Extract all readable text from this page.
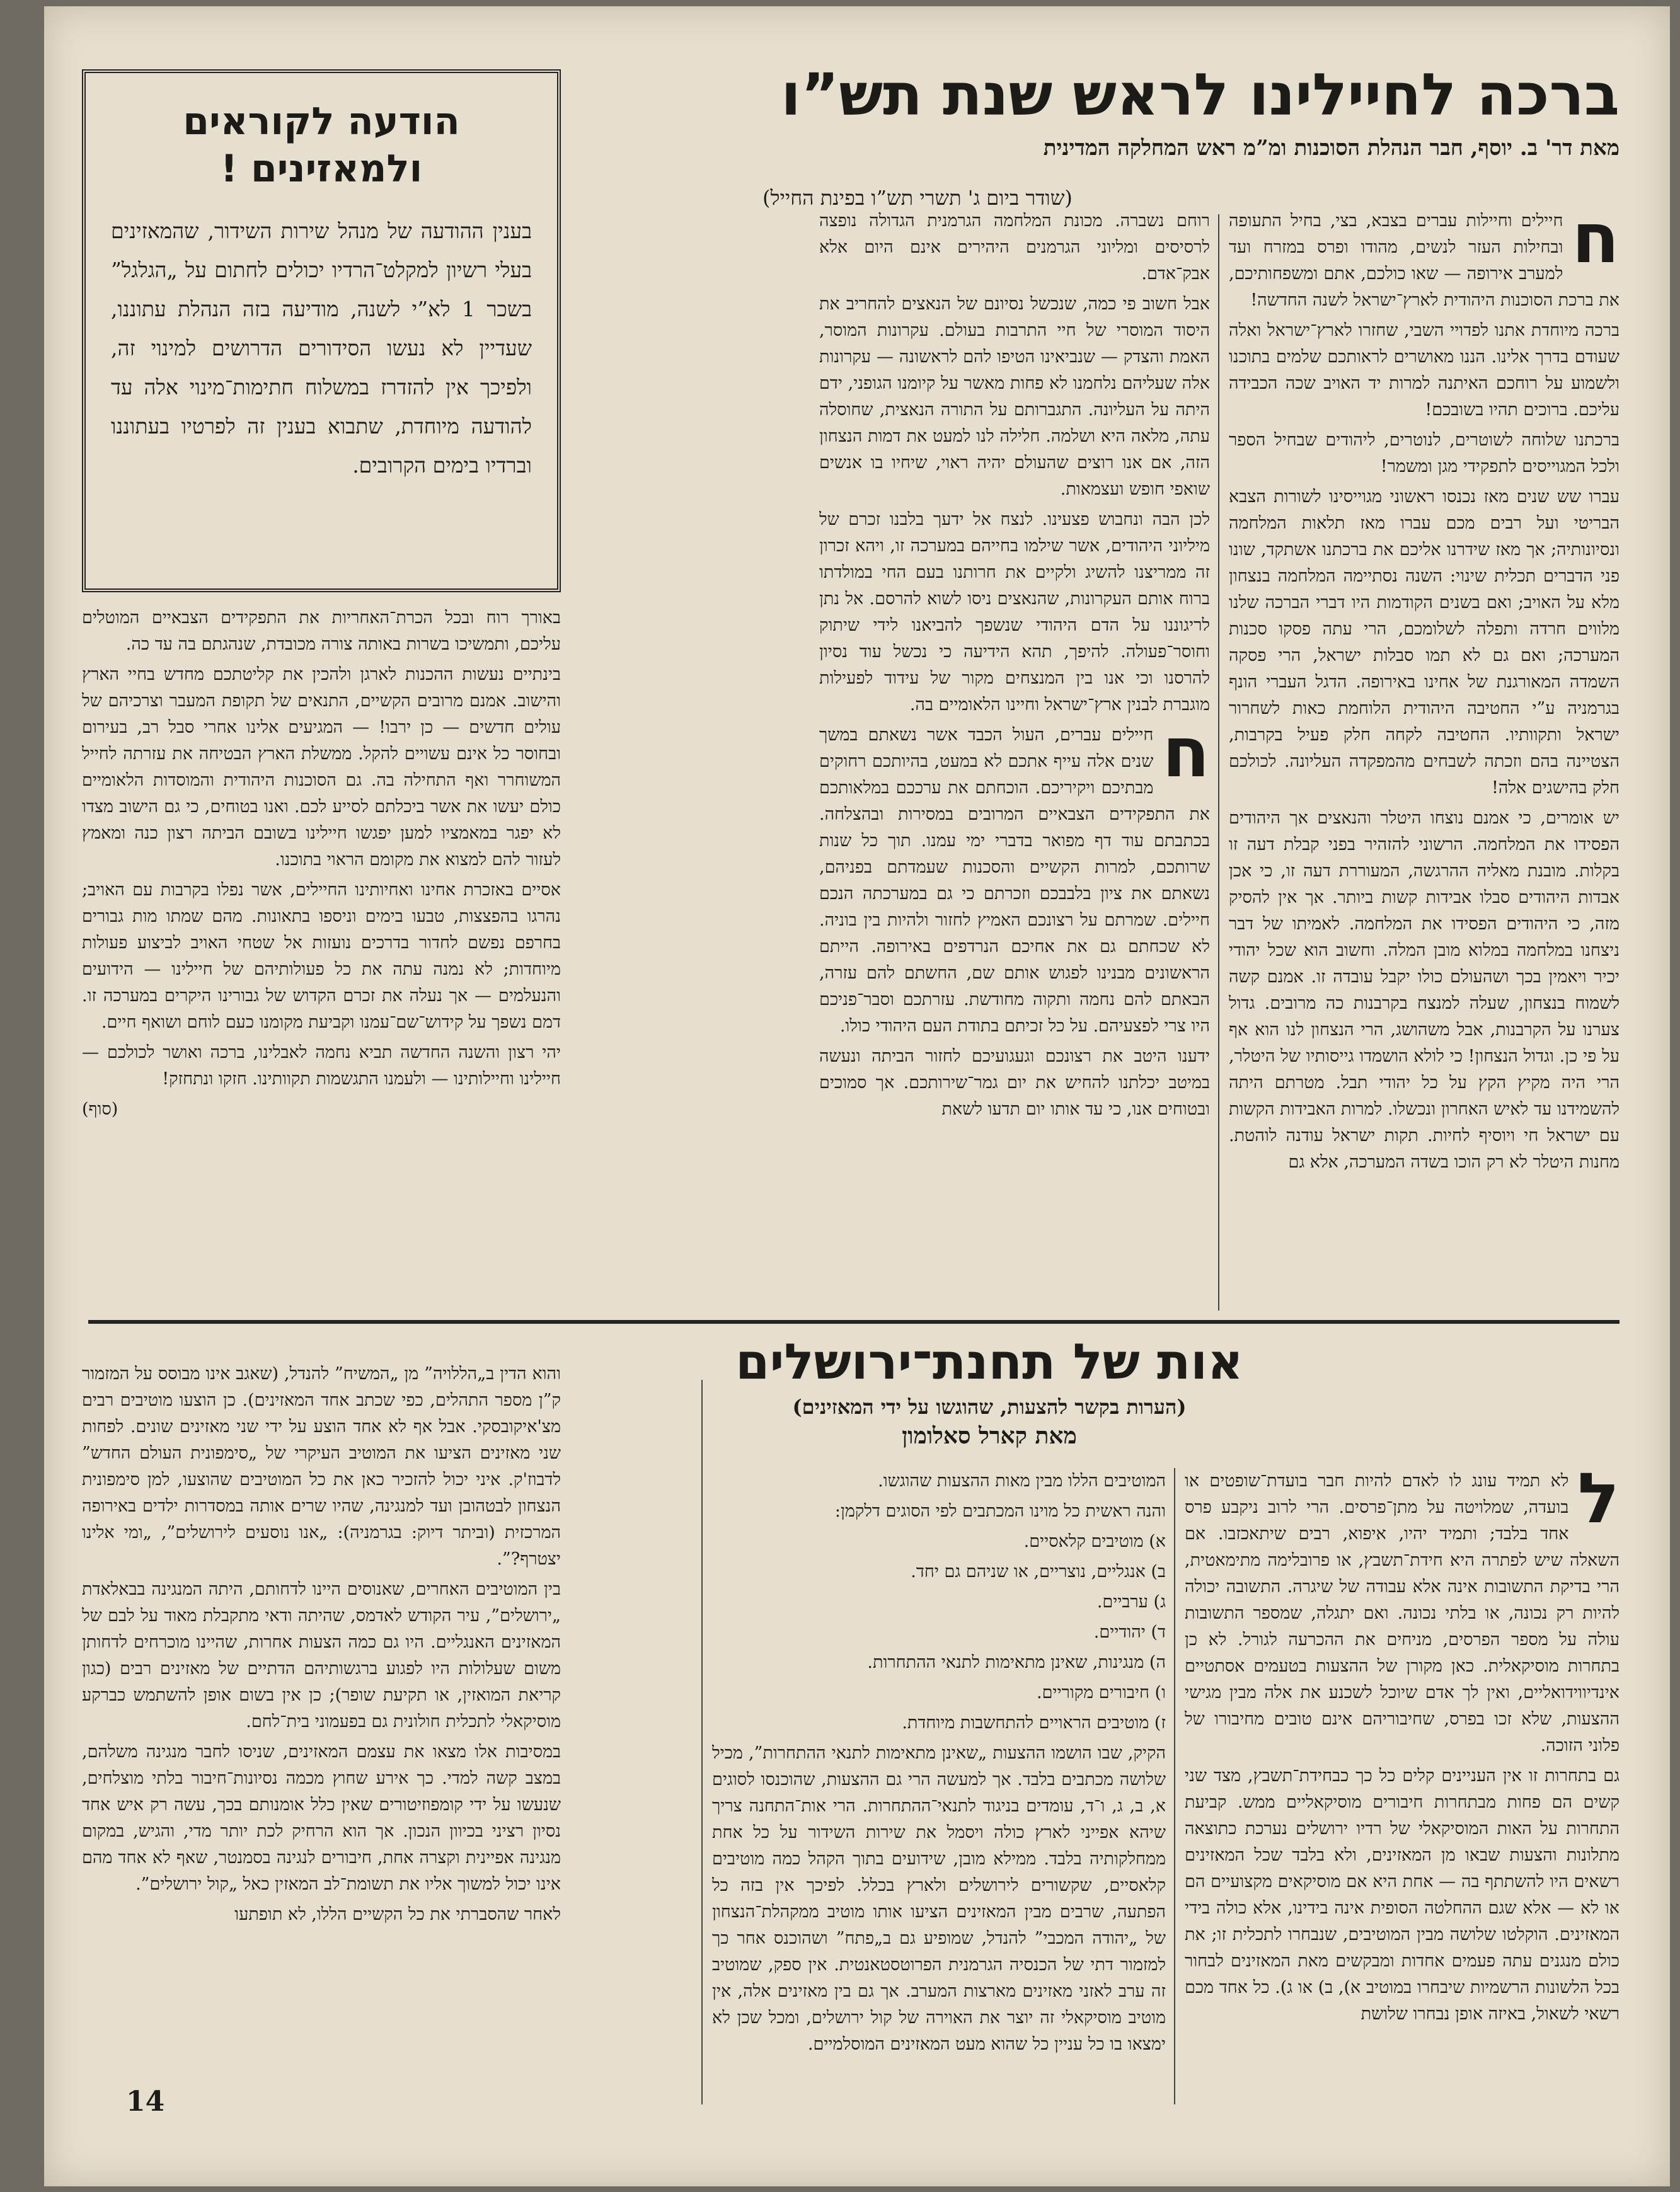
הודעה לקוראים ולמאזינים !

בענין ההודעה של מנהל שירות השידור, שהמאזינים בעלי רשיון למקלט־הרדיו יכולים לחתום על „הגלגל” בשכר 1 לא”י לשנה, מודיעה בזה הנהלת עתוננו, שעדיין לא נעשו הסידורים הדרושים למינוי זה, ולפיכך אין להזדרז במשלוח חתימות־מינוי אלה עד להודעה מיוחדת, שתבוא בענין זה לפרטיו בעתוננו וברדיו בימים הקרובים.

ברכה לחיילינו לראש שנת תש”ו
מאת דר' ב. יוסף, חבר הנהלת הסוכנות ומ”מ ראש המחלקה המדינית
(שודר ביום ג' תשרי תש”ו בפינת החייל)	ח

חיילים וחיילות עברים בצבא, בצי, בחיל התעופה ובחילות העזר לנשים, מהודו ופרס במזרח ועד למערב אירופה — שאו כולכם, אתם ומשפחותיכם, את ברכת הסוכנות היהודית לארץ־ישראל לשנה החדשה!

ברכה מיוחדת אתנו לפדויי השבי, שחזרו לארץ־ישראל ואלה שעודם בדרך אלינו. הננו מאושרים לראותכם שלמים בתוכנו ולשמוע על רוחכם האיתנה למרות יד האויב שכה הכבידה עליכם. ברוכים תהיו בשובכם!

ברכתנו שלוחה לשוטרים, לנוטרים, ליהודים שבחיל הספר ולכל המגוייסים לתפקידי מגן ומשמר!

עברו שש שנים מאז נכנסו ראשוני מגוייסינו לשורות הצבא הבריטי ועל רבים מכם עברו מאז תלאות המלחמה ונסיונותיה; אך מאז שידרנו אליכם את ברכתנו אשתקד, שונו פני הדברים תכלית שינוי: השנה נסתיימה המלחמה בנצחון מלא על האויב; ואם בשנים הקודמות היו דברי הברכה שלנו מלווים חרדה ותפלה לשלומכם, הרי עתה פסקו סכנות המערכה; ואם גם לא תמו סבלות ישראל, הרי פסקה השמדה המאורגנת של אחינו באירופה. הדגל העברי הונף בגרמניה ע”י החטיבה היהודית הלוחמת כאות לשחרור ישראל ותקוותיו. החטיבה לקחה חלק פעיל בקרבות, הצטיינה בהם וזכתה לשבחים מהמפקדה העליונה. לכולכם חלק בהישגים אלה!

יש אומרים, כי אמנם נוצחו היטלר והנאצים אך היהודים הפסידו את המלחמה. הרשוני להזהיר בפני קבלת דעה זו בקלות. מובנת מאליה ההרגשה, המעוררת דעה זו, כי אכן אבדות היהודים סבלו אבידות קשות ביותר. אך אין להסיק מזה, כי היהודים הפסידו את המלחמה. לאמיתו של דבר ניצחנו במלחמה במלוא מובן המלה. וחשוב הוא שכל יהודי יכיר ויאמין בכך ושהעולם כולו יקבל עובדה זו. אמנם קשה לשמוח בנצחון, שעלה למנצח בקרבנות כה מרובים. גדול צערנו על הקרבנות, אבל משהושג, הרי הנצחון לנו הוא אף על פי כן. וגדול הנצחון! כי לולא הושמדו גייסותיו של היטלר, הרי היה מקיץ הקץ על כל יהודי תבל. מטרתם היתה להשמידנו עד לאיש האחרון ונכשלו. למרות האבידות הקשות עם ישראל חי ויוסיף לחיות. תקות ישראל עודנה לוהטת. מחנות היטלר לא רק הוכו בשדה המערכה, אלא גם

רוחם נשברה. מכונת המלחמה הגרמנית הגדולה נופצה לרסיסים ומליוני הגרמנים היהירים אינם היום אלא אבק־אדם.

אבל חשוב פי כמה, שנכשל נסיונם של הנאצים להחריב את היסוד המוסרי של חיי התרבות בעולם. עקרונות המוסר, האמת והצדק — שנביאינו הטיפו להם לראשונה — עקרונות אלה שעליהם נלחמנו לא פחות מאשר על קיומנו הגופני, ידם היתה על העליונה. התגברותם על התורה הנאצית, שחוסלה עתה, מלאה היא ושלמה. חלילה לנו למעט את דמות הנצחון הזה, אם אנו רוצים שהעולם יהיה ראוי, שיחיו בו אנשים שואפי חופש ועצמאות.

לכן הבה ונחבוש פצעינו. לנצח אל ידעך בלבנו זכרם של מיליוני היהודים, אשר שילמו בחייהם במערכה זו, ויהא זכרון זה ממריצנו להשיג ולקיים את חרותנו בעם החי במולדתו ברוח אותם העקרונות, שהנאצים ניסו לשוא להרסם. אל נתן לריגוננו על הדם היהודי שנשפך להביאנו לידי שיתוק וחוסר־פעולה. להיפך, תהא הידיעה כי נכשל עוד נסיון להרסנו וכי אנו בין המנצחים מקור של עידוד לפעילות מוגברת לבנין ארץ־ישראל וחיינו הלאומיים בה.

ח
חיילים עברים, העול הכבד אשר נשאתם במשך שנים אלה עייף אתכם לא במעט, בהיותכם רחוקים מבתיכם ויקיריכם. הוכחתם את ערככם במלאותכם את התפקידים הצבאיים המרובים במסירות ובהצלחה. בכתבתם עוד דף מפואר בדברי ימי עמנו. תוך כל שנות שרותכם, למרות הקשיים והסכנות שעמדתם בפניהם, נשאתם את ציון בלבבכם וזכרתם כי גם במערכתה הנכם חיילים. שמרתם על רצונכם האמיץ לחזור ולהיות בין בוניה. לא שכחתם גם את אחיכם הנרדפים באירופה. הייתם הראשונים מבנינו לפגוש אותם שם, החשתם להם עזרה, הבאתם להם נחמה ותקוה מחודשת. עזרתכם וסבר־פניכם היו צרי לפצעיהם. על כל זכיתם בתודת העם היהודי כולו.

ידענו היטב את רצונכם וגעגועיכם לחזור הביתה ונעשה במיטב יכלתנו להחיש את יום גמר־שירותכם. אך סמוכים ובטוחים אנו, כי עד אותו יום תדעו לשאת

באורך רוח ובכל הכרת־האחריות את התפקידים הצבאיים המוטלים עליכם, ותמשיכו בשרות באותה צורה מכובדת, שנהגתם בה עד כה.

בינתיים נעשות ההכנות לארגן ולהכין את קליטתכם מחדש בחיי הארץ והישוב. אמנם מרובים הקשיים, התנאים של תקופת המעבר וצרכיהם של עולים חדשים — כן ירבו! — המגיעים אלינו אחרי סבל רב, בעירום ובחוסר כל אינם עשויים להקל. ממשלת הארץ הבטיחה את עזרתה לחייל המשוחרר ואף התחילה בה. גם הסוכנות היהודית והמוסדות הלאומיים כולם יעשו את אשר ביכלתם לסייע לכם. ואנו בטוחים, כי גם הישוב מצדו לא יפגר במאמציו למען יפגשו חיילינו בשובם הביתה רצון כנה ומאמץ לעזור להם למצוא את מקומם הראוי בתוכנו.

אסיים באזכרת אחינו ואחיותינו החיילים, אשר נפלו בקרבות עם האויב; נהרגו בהפצצות, טבעו בימים וניספו בתאונות. מהם שמתו מות גבורים בחרפם נפשם לחדור בדרכים נועזות אל שטחי האויב לביצוע פעולות מיוחדות; לא נמנה עתה את כל פעולותיהם של חיילינו — הידועים והנעלמים — אך נעלה את זכרם הקדוש של גבורינו היקרים במערכה זו. דמם נשפך על קידוש־שם־עמנו וקביעת מקומנו כעם לוחם ושואף חיים.

יהי רצון והשנה החדשה תביא נחמה לאבלינו, ברכה ואושר לכולכם — חיילינו וחיילותינו — ולעמנו התגשמות תקוותינו. חזקו ונתחזק!

(סוף)

אות של תחנת־ירושלים
(הערות בקשר להצעות, שהוגשו על ידי המאזינים)
מאת קארל סאלומון
ל

לא תמיד עונג לו לאדם להיות חבר בועדת־שופטים או בועדה, שמלויטה על מתן־פרסים. הרי לרוב ניקבע פרס אחד בלבד; ותמיד יהיו, איפוא, רבים שיתאכזבו. אם השאלה שיש לפתרה היא חידת־תשבץ, או פרובלימה מתימאטית, הרי בדיקת התשובות אינה אלא עבודה של שיגרה. התשובה יכולה להיות רק נכונה, או בלתי נכונה. ואם יתגלה, שמספר התשובות עולה על מספר הפרסים, מניחים את ההכרעה לגורל. לא כן בתחרות מוסיקאלית. כאן מקורן של ההצעות בטעמים אסתטיים אינדיווידואליים, ואין לך אדם שיוכל לשכנע את אלה מבין מגישי ההצעות, שלא זכו בפרס, שחיבוריהם אינם טובים מחיבורו של פלוני הזוכה.

גם בתחרות זו אין העניינים קלים כל כך כבחידת־תשבץ, מצד שני קשים הם פחות מבתחרות חיבורים מוסיקאליים ממש. קביעת התחרות על האות המוסיקאלי של רדיו ירושלים נערכת כתוצאה מתלונות והצעות שבאו מן המאזינים, ולא בלבד שכל המאזינים רשאים היו להשתתף בה — אחת היא אם מוסיקאים מקצועיים הם או לא — אלא שגם ההחלטה הסופית אינה בידינו, אלא כולה בידי המאזינים. הוקלטו שלושה מבין המוטיבים, שנבחרו לתכלית זו; את כולם מנגנים עתה פעמים אחדות ומבקשים מאת המאזינים לבחור בכל הלשונות הרשמיות שיבחרו במוטיב א), ב) או ג). כל אחד מכם רשאי לשאול, באיזה אופן נבחרו שלושת

המוטיבים הללו מבין מאות ההצעות שהוגשו.

והנה ראשית כל מוינו המכתבים לפי הסוגים דלקמן:

א) מוטיבים קלאסיים.

ב) אנגליים, נוצריים, או שניהם גם יחד.

ג) ערביים.

ד) יהודיים.

ה) מנגינות, שאינן מתאימות לתנאי ההתחרות.

ו) חיבורים מקוריים.

ז) מוטיבים הראויים להתחשבות מיוחדת.

הקיק, שבו הושמו ההצעות „שאינן מתאימות לתנאי ההתחרות”, מכיל שלושה מכתבים בלבד. אך למעשה הרי גם ההצעות, שהוכנסו לסוגים א, ב, ג, ו־ד, עומדים בניגוד לתנאי־ההתחרות. הרי אות־התחנה צריך שיהא אפייני לארץ כולה ויסמל את שירות השידור על כל אחת ממחלקותיה בלבד. ממילא מובן, שידועים בתוך הקהל כמה מוטיבים קלאסיים, שקשורים לירושלים ולארץ בכלל. לפיכך אין בזה כל הפתעה, שרבים מבין המאזינים הציעו אותו מוטיב ממקהלת־הנצחון של „יהודה המכבי” להנדל, שמופיע גם ב„פתח” ושהוכנס אחר כך למזמור דתי של הכנסיה הגרמנית הפרוטסטאנטית. אין ספק, שמוטיב זה ערב לאזני מאזינים מארצות המערב. אך גם בין מאזינים אלה, אין מוטיב מוסיקאלי זה יוצר את האוירה של קול ירושלים, ומכל שכן לא ימצאו בו כל עניין כל שהוא מעט המאזינים המוסלמיים.

והוא הדין ב„הללויה” מן „המשיח” להנדל, (שאגב אינו מבוסס על המזמור ק”ן מספר התהלים, כפי שכתב אחד המאזינים). כן הוצעו מוטיבים רבים מצ'איקובסקי. אבל אף לא אחד הוצע על ידי שני מאזינים שונים. לפחות שני מאזינים הציעו את המוטיב העיקרי של „סימפונית העולם החדש” לדבוז'ק. איני יכול להזכיר כאן את כל המוטיבים שהוצעו, למן סימפונית הנצחון לבטהובן ועד למנגינה, שהיו שרים אותה במסדרות ילדים באירופה המרכזית (וביתר דיוק: בגרמניה): „אנו נוסעים לירושלים”, „ומי אלינו יצטרף?”.

בין המוטיבים האחרים, שאנוסים היינו לדחותם, היתה המנגינה בבאלאדת „ירושלים”, עיר הקודש לאדמס, שהיתה ודאי מתקבלת מאוד על לבם של המאזינים האנגליים. היו גם כמה הצעות אחרות, שהיינו מוכרחים לדחותן משום שעלולות היו לפגוע ברגשותיהם הדתיים של מאזינים רבים (כגון קריאת המואזין, או תקיעת שופר); כן אין בשום אופן להשתמש כברקע מוסיקאלי לתכלית חולונית גם בפעמוני בית־לחם.

במסיבות אלו מצאו את עצמם המאזינים, שניסו לחבר מנגינה משלהם, במצב קשה למדי. כך אירע שחוץ מכמה נסיונות־חיבור בלתי מוצלחים, שנעשו על ידי קומפוזיטורים שאין כלל אומנותם בכך, עשה רק איש אחד נסיון רציני בכיוון הנכון. אך הוא הרחיק לכת יותר מדי, והגיש, במקום מנגינה אפיינית וקצרה אחת, חיבורים לנגינה בסמנטר, שאף לא אחד מהם אינו יכול למשוך אליו את תשומת־לב המאזין כאל „קול ירושלים”.

לאחר שהסברתי את כל הקשיים הללו, לא תופתעו

14
